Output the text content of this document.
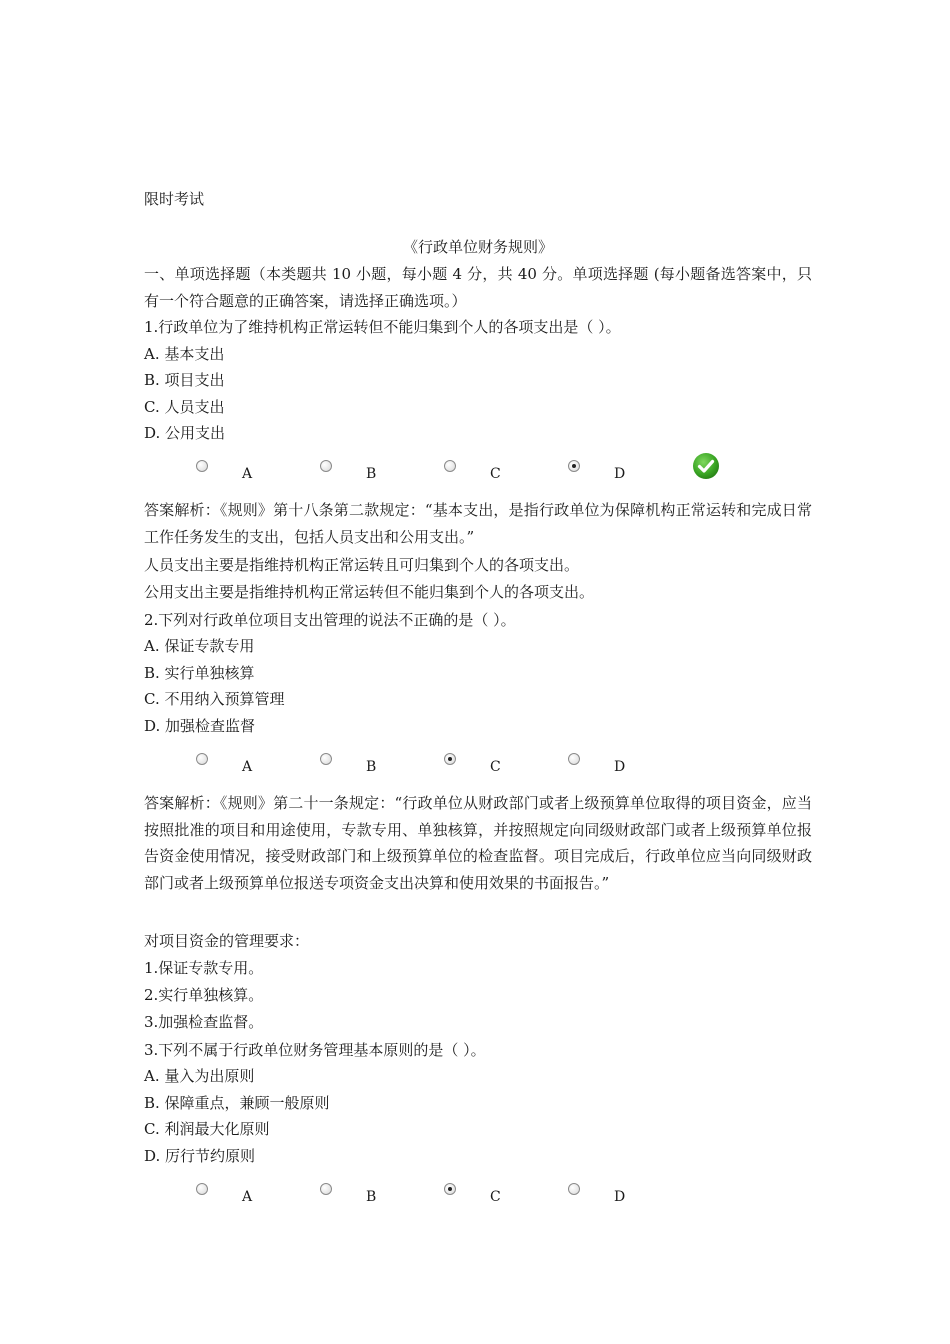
限时考试
《行政单位财务规则》
一、单项选择题（本类题共 10 小题，每小题 4 分，共 40 分。单项选择题 (每小题备选答案中，只有一个符合题意的正确答案，请选择正确选项。）
1.行政单位为了维持机构正常运转但不能归集到个人的各项支出是（ ）。
A. 基本支出
B. 项目支出
C. 人员支出
D. 公用支出
A	B	C	D
答案解析：《规则》第十八条第二款规定：“基本支出，是指行政单位为保障机构正常运转和完成日常工作任务发生的支出，包括人员支出和公用支出。”
人员支出主要是指维持机构正常运转且可归集到个人的各项支出。
公用支出主要是指维持机构正常运转但不能归集到个人的各项支出。
2.下列对行政单位项目支出管理的说法不正确的是（ ）。
A. 保证专款专用
B. 实行单独核算
C. 不用纳入预算管理
D. 加强检查监督
A	B	C	D
答案解析：《规则》第二十一条规定：“行政单位从财政部门或者上级预算单位取得的项目资金，应当按照批准的项目和用途使用，专款专用、单独核算，并按照规定向同级财政部门或者上级预算单位报告资金使用情况，接受财政部门和上级预算单位的检查监督。项目完成后，行政单位应当向同级财政部门或者上级预算单位报送专项资金支出决算和使用效果的书面报告。”
对项目资金的管理要求：
1.保证专款专用。
2.实行单独核算。
3.加强检查监督。
3.下列不属于行政单位财务管理基本原则的是（ ）。
A. 量入为出原则
B. 保障重点，兼顾一般原则
C. 利润最大化原则
D. 厉行节约原则
A	B	C	D
